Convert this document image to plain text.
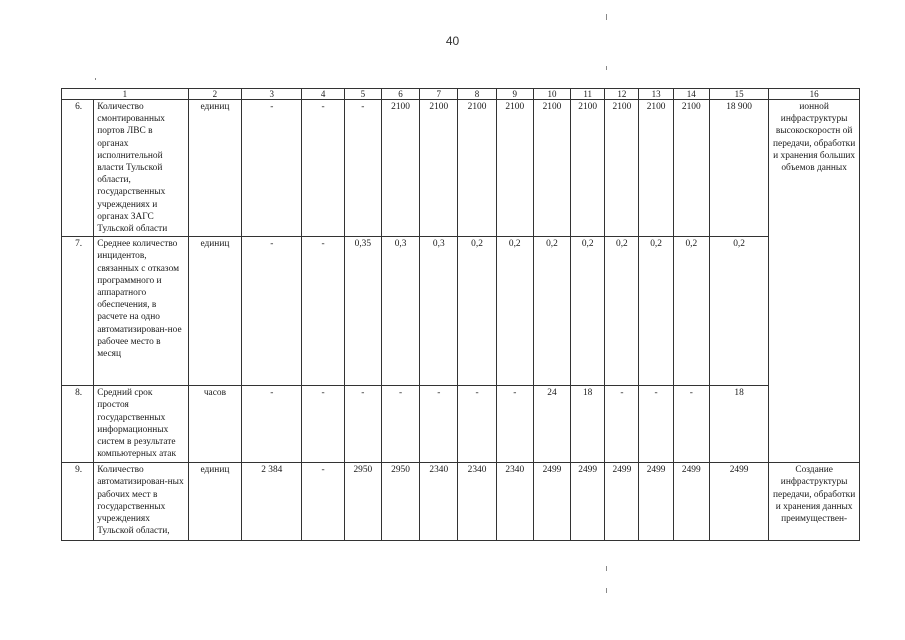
40
1		2	3	4	5	6	7	8	9	10	11	12	13	14	15	16
6.	Количество смонтированных портов ЛВС в органах исполнительной власти Тульской области, государственных учреждениях и органах ЗАГС Тульской области	единиц	-	-	-	2100	2100	2100	2100	2100	2100	2100	2100	2100	18 900	ионной инфраструктуры высокоскоростн ой передачи, обработки и хранения больших объемов данных
7.	Среднее количество инцидентов, связанных с отказом программного и аппаратного обеспечения, в расчете на одно автоматизирован-ное рабочее место в месяц	единиц	-	-	0,35	0,3	0,3	0,2	0,2	0,2	0,2	0,2	0,2	0,2	0,2	
8.	Средний срок простоя государственных информационных систем в результате компьютерных атак	часов	-	-	-	-	-	-	-	24	18	-	-	-	18	
9.	Количество автоматизирован-ных рабочих мест в государственных учреждениях Тульской области,	единиц	2 384	-	2950	2950	2340	2340	2340	2499	2499	2499	2499	2499	2499	Создание инфраструктуры передачи, обработки и хранения данных преимуществен-
